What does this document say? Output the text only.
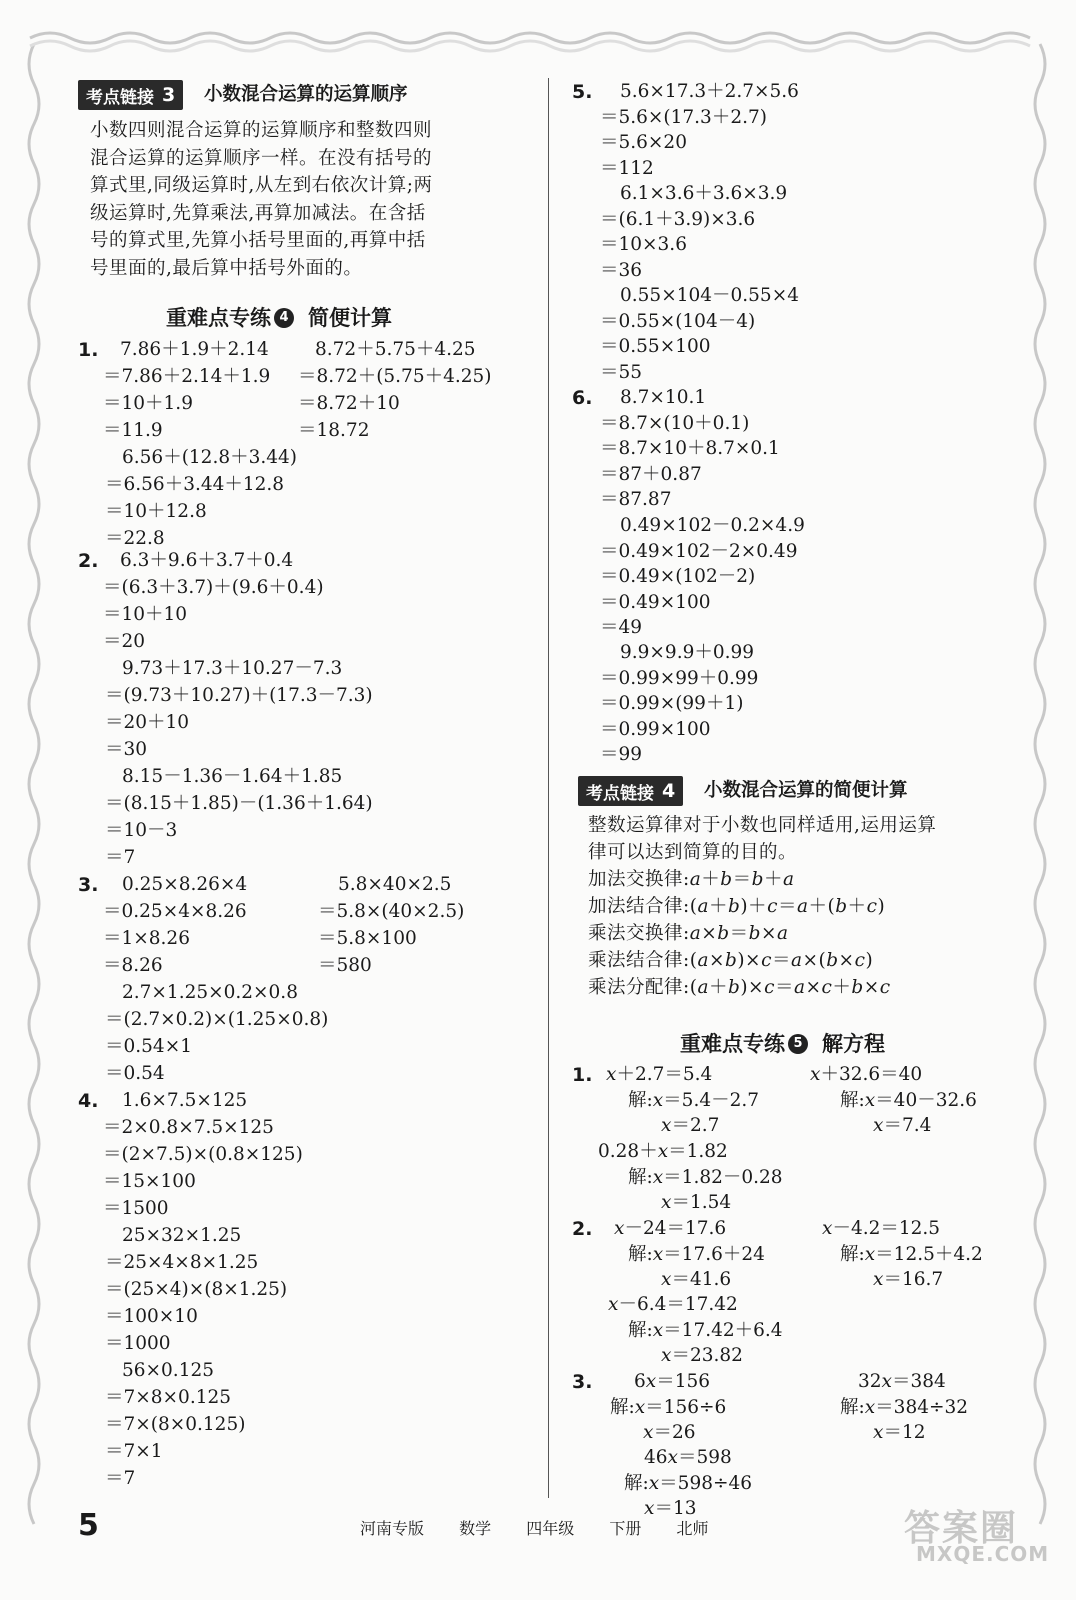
考点链接 3 小数混合运算的运算顺序
重难点专练 4 简便计算
小数四则混合运算的运算顺序和整数四则
混合运算的运算顺序一样。在没有括号的
算式里,同级运算时,从左到右依次计算;两
级运算时,先算乘法,再算加减法。在含括
号的算式里,先算小括号里面的,再算中括
号里面的,最后算中括号外面的。
1. 7.86＋1.9＋2.14
＝7.86＋2.14＋1.9
＝10＋1.9
＝11.9
8.72＋5.75＋4.25
＝8.72＋(5.75＋4.25)
＝8.72＋10
＝18.72
6.56＋(12.8＋3.44)
＝6.56＋3.44＋12.8
＝10＋12.8
＝22.8
2. 6.3＋9.6＋3.7＋0.4
＝(6.3＋3.7)＋(9.6＋0.4)
＝10＋10
＝20
9.73＋17.3＋10.27－7.3
＝(9.73＋10.27)＋(17.3－7.3)
＝20＋10
＝30
8.15－1.36－1.64＋1.85
＝(8.15＋1.85)－(1.36＋1.64)
＝10－3
＝7
3. 0.25×8.26×4
＝0.25×4×8.26
＝1×8.26
＝8.26
5.8×40×2.5
＝5.8×(40×2.5)
＝5.8×100
＝580
2.7×1.25×0.2×0.8
＝(2.7×0.2)×(1.25×0.8)
＝0.54×1
＝0.54
4. 1.6×7.5×125
＝2×0.8×7.5×125
＝(2×7.5)×(0.8×125)
＝15×100
＝1500
25×32×1.25
＝25×4×8×1.25
＝(25×4)×(8×1.25)
＝100×10
＝1000
56×0.125
＝7×8×0.125
＝7×(8×0.125)
＝7×1
＝7
5. 5.6×17.3＋2.7×5.6
＝5.6×(17.3＋2.7)
＝5.6×20
＝112
6.1×3.6＋3.6×3.9
＝(6.1＋3.9)×3.6
＝10×3.6
＝36
0.55×104－0.55×4
＝0.55×(104－4)
＝0.55×100
＝55
6. 8.7×10.1
＝8.7×(10＋0.1)
＝8.7×10＋8.7×0.1
＝87＋0.87
＝87.87
0.49×102－0.2×4.9
＝0.49×102－2×0.49
＝0.49×(102－2)
＝0.49×100
＝49
9.9×9.9＋0.99
＝0.99×99＋0.99
＝0.99×(99＋1)
＝0.99×100
＝99
整数运算律对于小数也同样适用,运用运算
律可以达到简算的目的。
加法交换律:a＋b＝b＋a
加法结合律:(a＋b)＋c＝a＋(b＋c)
乘法交换律:a×b＝b×a
乘法结合律:(a×b)×c＝a×(b×c)
乘法分配律:(a＋b)×c＝a×c＋b×c
1. x＋2.7＝5.4
解:x＝5.4－2.7
x＝2.7
x＋32.6＝40
解:x＝40－32.6
x＝7.4
0.28＋x＝1.82
解:x＝1.82－0.28
x＝1.54
2. x－24＝17.6
解:x＝17.6＋24
x＝41.6
x－4.2＝12.5
解:x＝12.5＋4.2
x＝16.7
x－6.4＝17.42
解:x＝17.42＋6.4
x＝23.82
3. 6x＝156
解:x＝156÷6
x＝26
32x＝384
解:x＝384÷32
x＝12
46x＝598
解:x＝598÷46
x＝13
考点链接 4 小数混合运算的简便计算
重难点专练 5 解方程
5	河南专版 数学 四年级 下册 北师	答案圈
MXQE.COM
